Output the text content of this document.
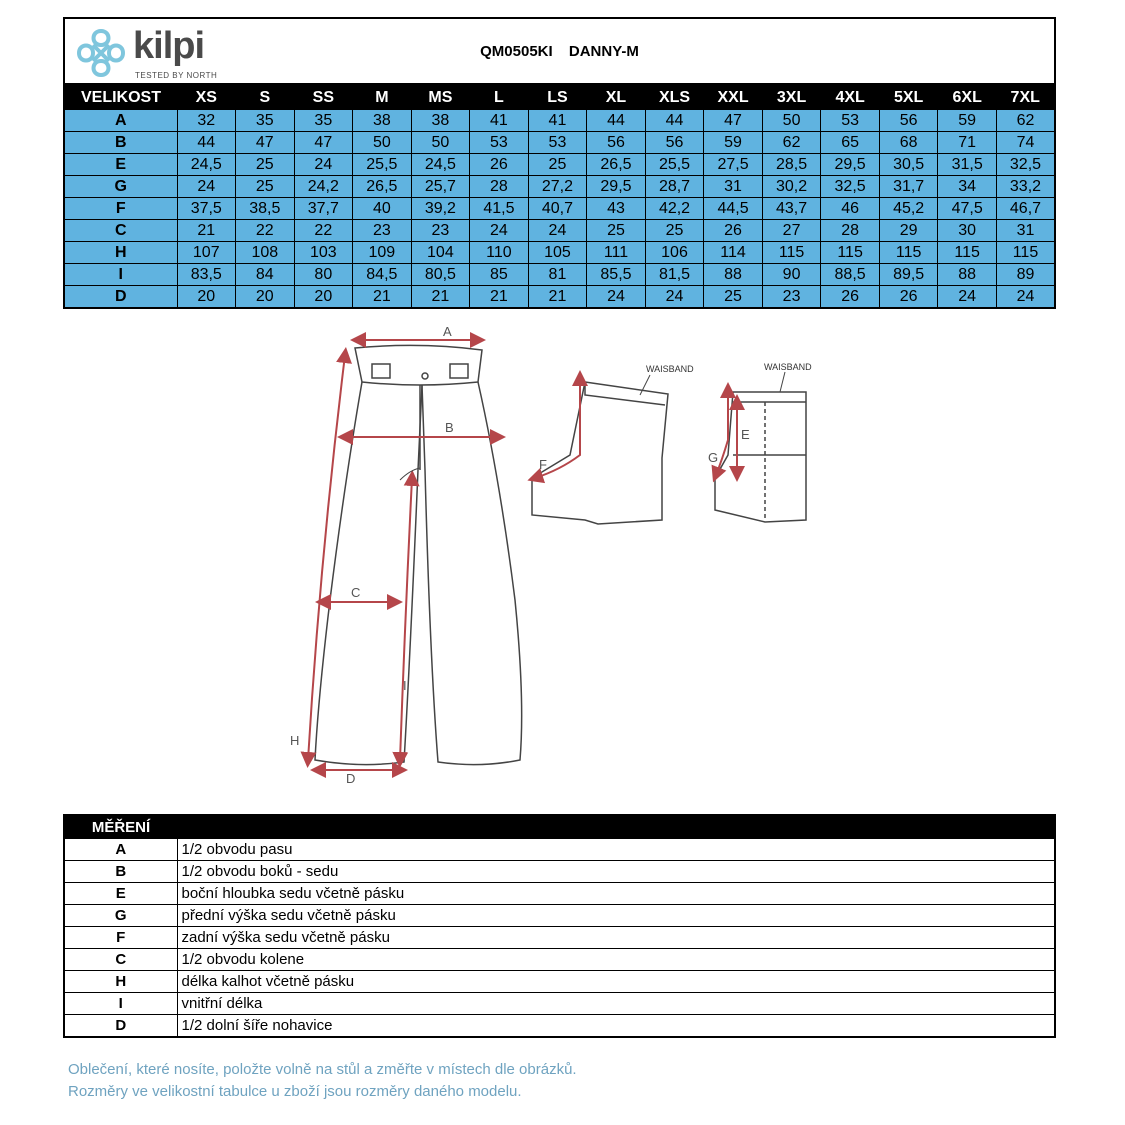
kilpi
TESTED BY NORTH
QM0505KI DANNY-M
VELIKOST	XS	S	SS	M	MS	L	LS	XL	XLS	XXL	3XL	4XL	5XL	6XL	7XL
A	32	35	35	38	38	41	41	44	44	47	50	53	56	59	62
B	44	47	47	50	50	53	53	56	56	59	62	65	68	71	74
E	24,5	25	24	25,5	24,5	26	25	26,5	25,5	27,5	28,5	29,5	30,5	31,5	32,5
G	24	25	24,2	26,5	25,7	28	27,2	29,5	28,7	31	30,2	32,5	31,7	34	33,2
F	37,5	38,5	37,7	40	39,2	41,5	40,7	43	42,2	44,5	43,7	46	45,2	47,5	46,7
C	21	22	22	23	23	24	24	25	25	26	27	28	29	30	31
H	107	108	103	109	104	110	105	111	106	114	115	115	115	115	115
I	83,5	84	80	84,5	80,5	85	81	85,5	81,5	88	90	88,5	89,5	88	89
D	20	20	20	21	21	21	21	24	24	25	23	26	26	24	24
A
B
C
D
H
I
F
E
G
WAISBAND	WAISBAND
MĚŘENÍ	
A	1/2 obvodu pasu
B	1/2 obvodu boků - sedu
E	boční hloubka sedu včetně pásku
G	přední výška sedu včetně pásku
F	zadní výška sedu včetně pásku
C	1/2 obvodu kolene
H	délka kalhot včetně pásku
I	vnitřní délka
D	1/2 dolní šíře nohavice
Oblečení, které nosíte, položte volně na stůl a změřte v místech dle obrázků.
Rozměry ve velikostní tabulce u zboží jsou rozměry daného modelu.
